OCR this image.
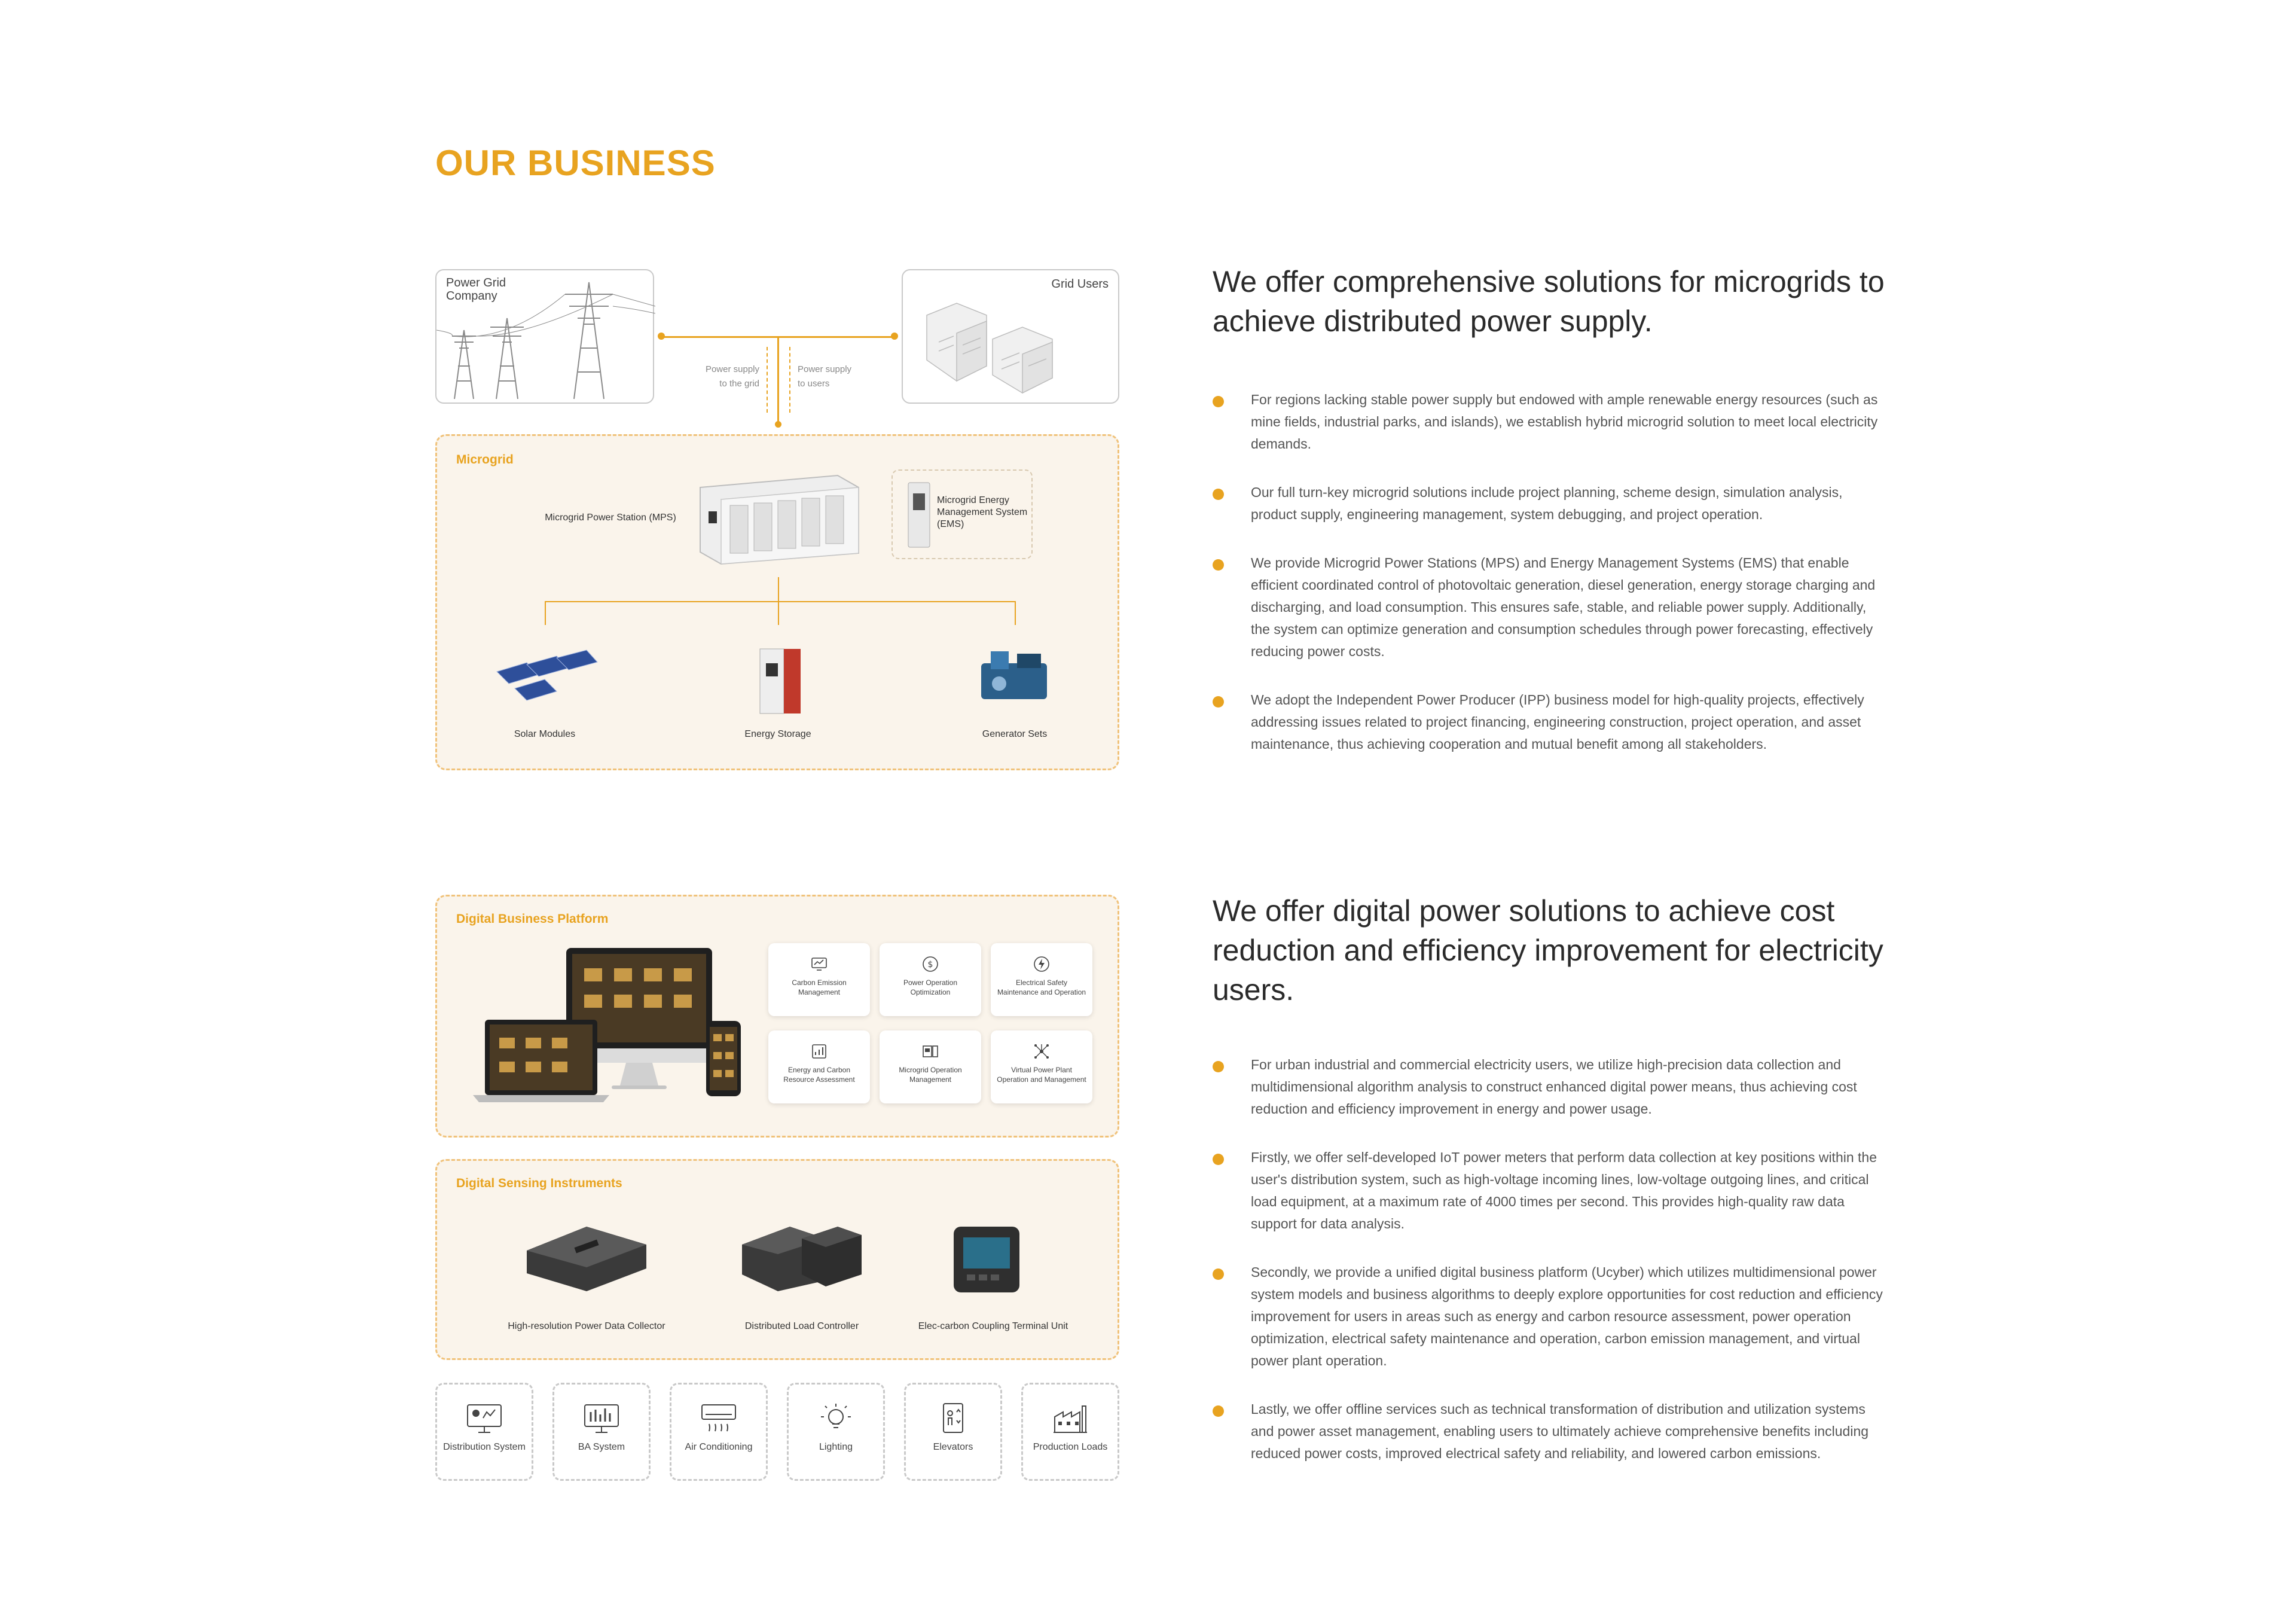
OUR BUSINESS
Power Grid
Company
Grid Users
Power supply
to the grid
Power supply
to users
Microgrid
Microgrid Power Station (MPS)
Microgrid Energy
Management System
(EMS)
Solar Modules	Energy Storage	Generator Sets
We offer comprehensive solutions for microgrids to achieve distributed power supply.
For regions lacking stable power supply but endowed with ample renewable energy resources (such as mine fields, industrial parks, and islands), we establish hybrid microgrid solution to meet local electricity demands.
Our full turn-key microgrid solutions include project planning, scheme design, simulation analysis, product supply, engineering management, system debugging, and project operation.
We provide Microgrid Power Stations (MPS) and Energy Management Systems (EMS) that enable efficient coordinated control of photovoltaic generation, diesel generation, energy storage charging and discharging, and load consumption. This ensures safe, stable, and reliable power supply. Additionally, the system can optimize generation and consumption schedules through power forecasting, effectively reducing power costs.
We adopt the Independent Power Producer (IPP) business model for high-quality projects, effectively addressing issues related to project financing, engineering construction, project operation, and asset maintenance, thus achieving cooperation and mutual benefit among all stakeholders.
Digital Business Platform
Carbon Emission
Management
$
Power Operation
Optimization
Electrical Safety
Maintenance and Operation
Energy and Carbon
Resource Assessment
Microgrid Operation
Management
Virtual Power Plant
Operation and Management
Digital Sensing Instruments
High-resolution Power Data Collector	Distributed Load Controller	Elec-carbon Coupling Terminal Unit
Distribution System	BA System	Air Conditioning	Lighting	Elevators	Production Loads
We offer digital power solutions to achieve cost reduction and efficiency improvement for electricity users.
For urban industrial and commercial electricity users, we utilize high-precision data collection and multidimensional algorithm analysis to construct enhanced digital power means, thus achieving cost reduction and efficiency improvement in energy and power usage.
Firstly, we offer self-developed IoT power meters that perform data collection at key positions within the user's distribution system, such as high-voltage incoming lines, low-voltage outgoing lines, and critical load equipment, at a maximum rate of 4000 times per second. This provides high-quality raw data support for data analysis.
Secondly, we provide a unified digital business platform (Ucyber) which utilizes multidimensional power system models and business algorithms to deeply explore opportunities for cost reduction and efficiency improvement for users in areas such as energy and carbon resource assessment, power operation optimization, electrical safety maintenance and operation, carbon emission management, and virtual power plant operation.
Lastly, we offer offline services such as technical transformation of distribution and utilization systems and power asset management, enabling users to ultimately achieve comprehensive benefits including reduced power costs, improved electrical safety and reliability, and lowered carbon emissions.
